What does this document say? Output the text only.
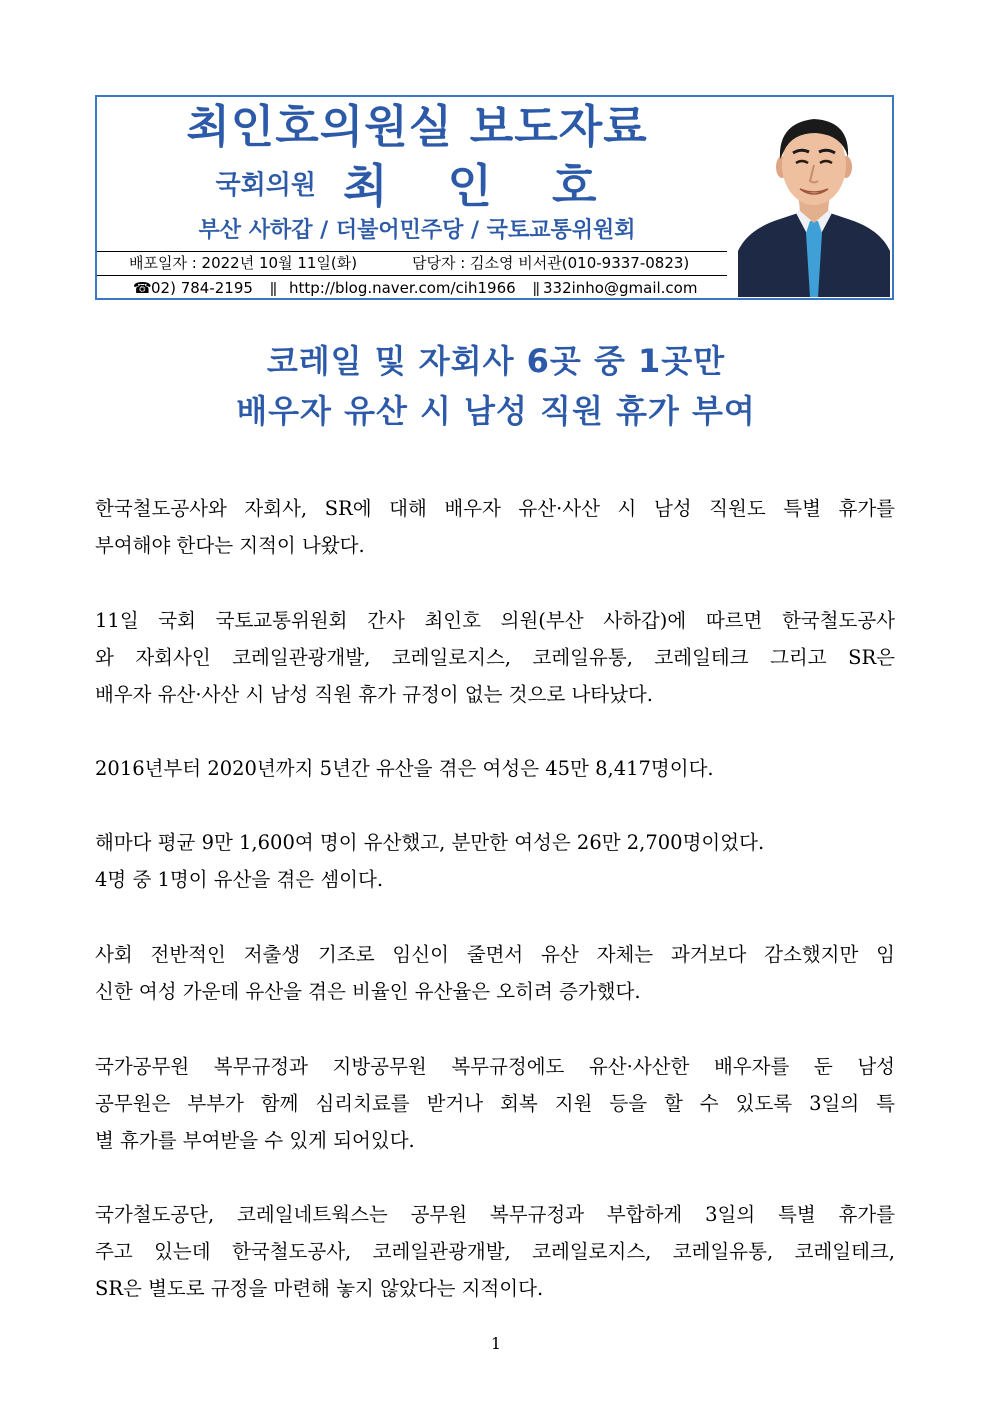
최인호의원실 보도자료
국회의원 최 인 호
부산 사하갑 / 더불어민주당 / 국토교통위원회
배포일자 : 2022년 10월 11일(화)	담당자 : 김소영 비서관(010-9337-0823)
☎02) 784-2195 ǁ http://blog.naver.com/cih1966 ǁ 332inho@gmail.com
코레일 및 자회사 6곳 중 1곳만
배우자 유산 시 남성 직원 휴가 부여
한국철도공사와 자회사, SR에 대해 배우자 유산·사산 시 남성 직원도 특별 휴가를
부여해야 한다는 지적이 나왔다.
11일 국회 국토교통위원회 간사 최인호 의원(부산 사하갑)에 따르면 한국철도공사
와 자회사인 코레일관광개발, 코레일로지스, 코레일유통, 코레일테크 그리고 SR은
배우자 유산·사산 시 남성 직원 휴가 규정이 없는 것으로 나타났다.
2016년부터 2020년까지 5년간 유산을 겪은 여성은 45만 8,417명이다.
해마다 평균 9만 1,600여 명이 유산했고, 분만한 여성은 26만 2,700명이었다.
4명 중 1명이 유산을 겪은 셈이다.
사회 전반적인 저출생 기조로 임신이 줄면서 유산 자체는 과거보다 감소했지만 임
신한 여성 가운데 유산을 겪은 비율인 유산율은 오히려 증가했다.
국가공무원 복무규정과 지방공무원 복무규정에도 유산·사산한 배우자를 둔 남성
공무원은 부부가 함께 심리치료를 받거나 회복 지원 등을 할 수 있도록 3일의 특
별 휴가를 부여받을 수 있게 되어있다.
국가철도공단, 코레일네트웍스는 공무원 복무규정과 부합하게 3일의 특별 휴가를
주고 있는데 한국철도공사, 코레일관광개발, 코레일로지스, 코레일유통, 코레일테크,
SR은 별도로 규정을 마련해 놓지 않았다는 지적이다.
1
